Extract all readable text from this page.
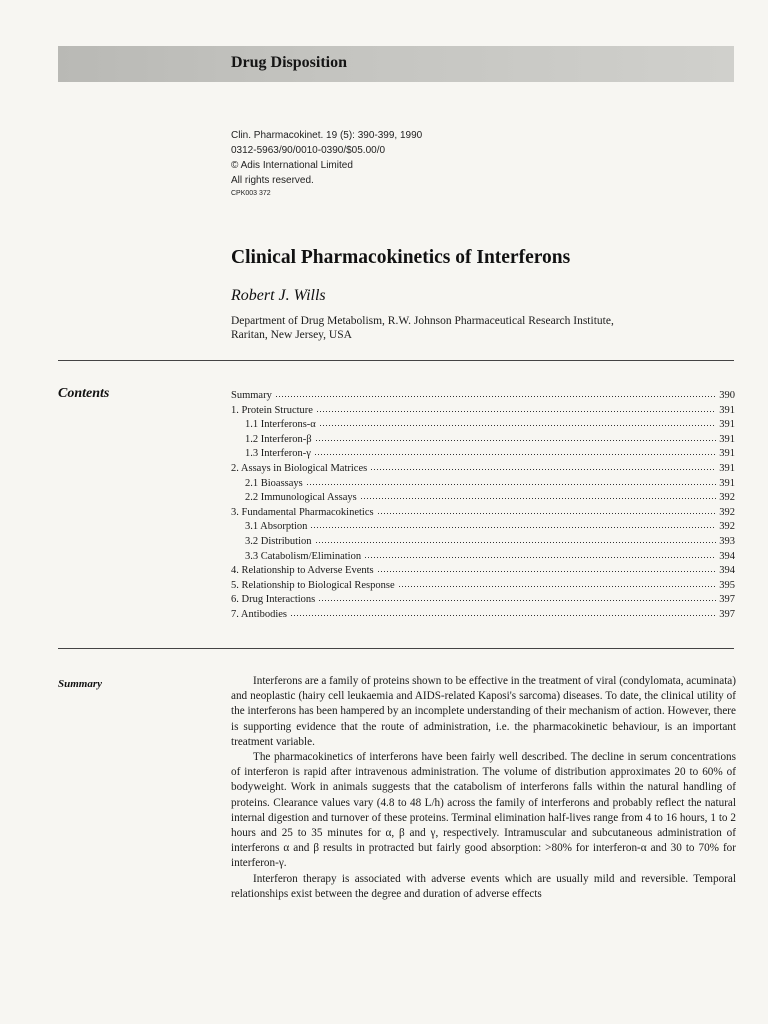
Drug Disposition
Clin. Pharmacokinet. 19 (5): 390-399, 1990
0312-5963/90/0010-0390/$05.00/0
© Adis International Limited
All rights reserved.
CPK003 372
Clinical Pharmacokinetics of Interferons
Robert J. Wills
Department of Drug Metabolism, R.W. Johnson Pharmaceutical Research Institute,
Raritan, New Jersey, USA
Contents	Summary	390
1. Protein Structure	391
1.1 Interferons-α	391
1.2 Interferon-β	391
1.3 Interferon-γ	391
2. Assays in Biological Matrices	391
2.1 Bioassays	391
2.2 Immunological Assays	392
3. Fundamental Pharmacokinetics	392
3.1 Absorption	392
3.2 Distribution	393
3.3 Catabolism/Elimination	394
4. Relationship to Adverse Events	394
5. Relationship to Biological Response	395
6. Drug Interactions	397
7. Antibodies	397
Summary	Interferons are a family of proteins shown to be effective in the treatment of viral (condylomata, acuminata) and neoplastic (hairy cell leukaemia and AIDS-related Kaposi's sarcoma) diseases. To date, the clinical utility of the interferons has been hampered by an incomplete understanding of their mechanism of action. However, there is supporting evidence that the route of administration, i.e. the pharmacokinetic behaviour, is an important treatment variable.

The pharmacokinetics of interferons have been fairly well described. The decline in serum concentrations of interferon is rapid after intravenous administration. The volume of distribution approximates 20 to 60% of bodyweight. Work in animals suggests that the catabolism of interferons falls within the natural handling of proteins. Clearance values vary (4.8 to 48 L/h) across the family of interferons and probably reflect the natural internal digestion and turnover of these proteins. Terminal elimination half-lives range from 4 to 16 hours, 1 to 2 hours and 25 to 35 minutes for α, β and γ, respectively. Intramuscular and subcutaneous administration of interferons α and β results in protracted but fairly good absorption: >80% for interferon-α and 30 to 70% for interferon-γ.

Interferon therapy is associated with adverse events which are usually mild and reversible. Temporal relationships exist between the degree and duration of adverse effects
